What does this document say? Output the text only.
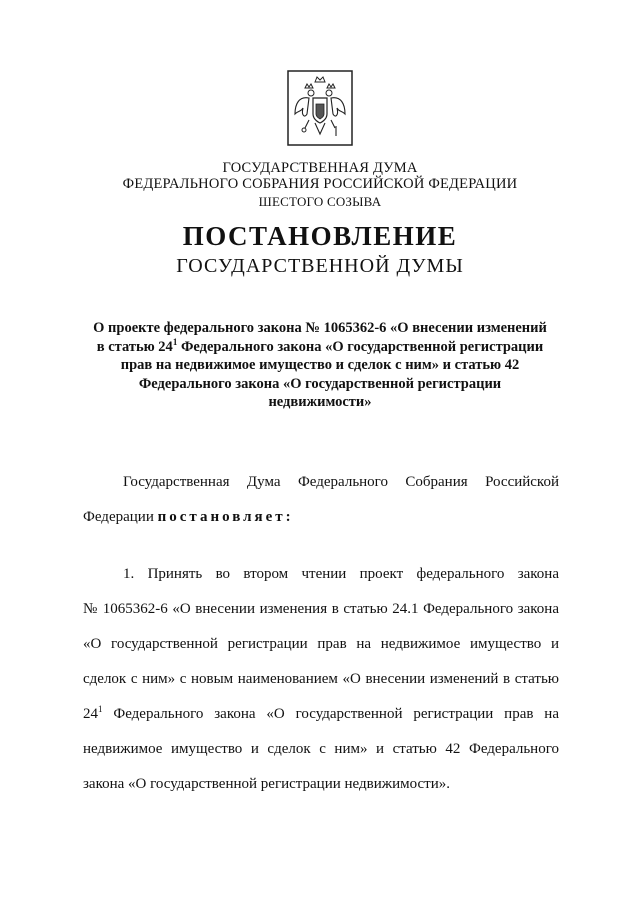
ГОСУДАРСТВЕННАЯ ДУМА
ФЕДЕРАЛЬНОГО СОБРАНИЯ РОССИЙСКОЙ ФЕДЕРАЦИИ
ШЕСТОГО СОЗЫВА
ПОСТАНОВЛЕНИЕ
ГОСУДАРСТВЕННОЙ ДУМЫ
О проекте федерального закона № 1065362-6 «О внесении изменений
в статью $24^1$ Федерального закона «О государственной регистрации
прав на недвижимое имущество и сделок с ним» и статью 42
Федерального закона «О государственной регистрации
недвижимости»
Государственная Дума Федерального Собрания Российской
Федерации постановляет:
1. Принять во втором чтении проект федерального закона
№ 1065362-6 «О внесении изменения в статью 24.1 Федерального закона
«О государственной регистрации прав на недвижимое имущество и
сделок с ним» с новым наименованием «О внесении изменений в статью
$24^1$ Федерального закона «О государственной регистрации прав на
недвижимое имущество и сделок с ним» и статью 42 Федерального
закона «О государственной регистрации недвижимости».
